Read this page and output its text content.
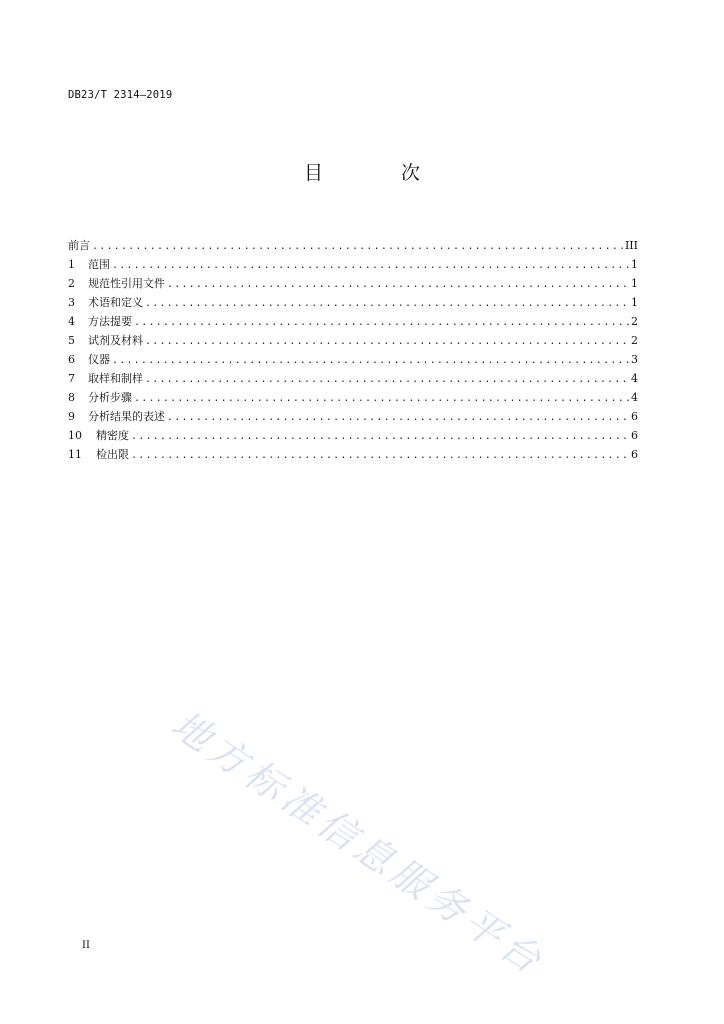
DB23/T 2314—2019
目 次
前言 .....	III
1	范围 .....	1
2	规范性引用文件 .....	1
3	术语和定义 .....	1
4	方法提要 .....	2
5	试剂及材料 .....	2
6	仪器 .....	3
7	取样和制样 .....	4
8	分析步骤 .....	4
9	分析结果的表述 .....	6
10	精密度 .....	6
11	检出限 .....	6
地方标准信息服务平台
II
